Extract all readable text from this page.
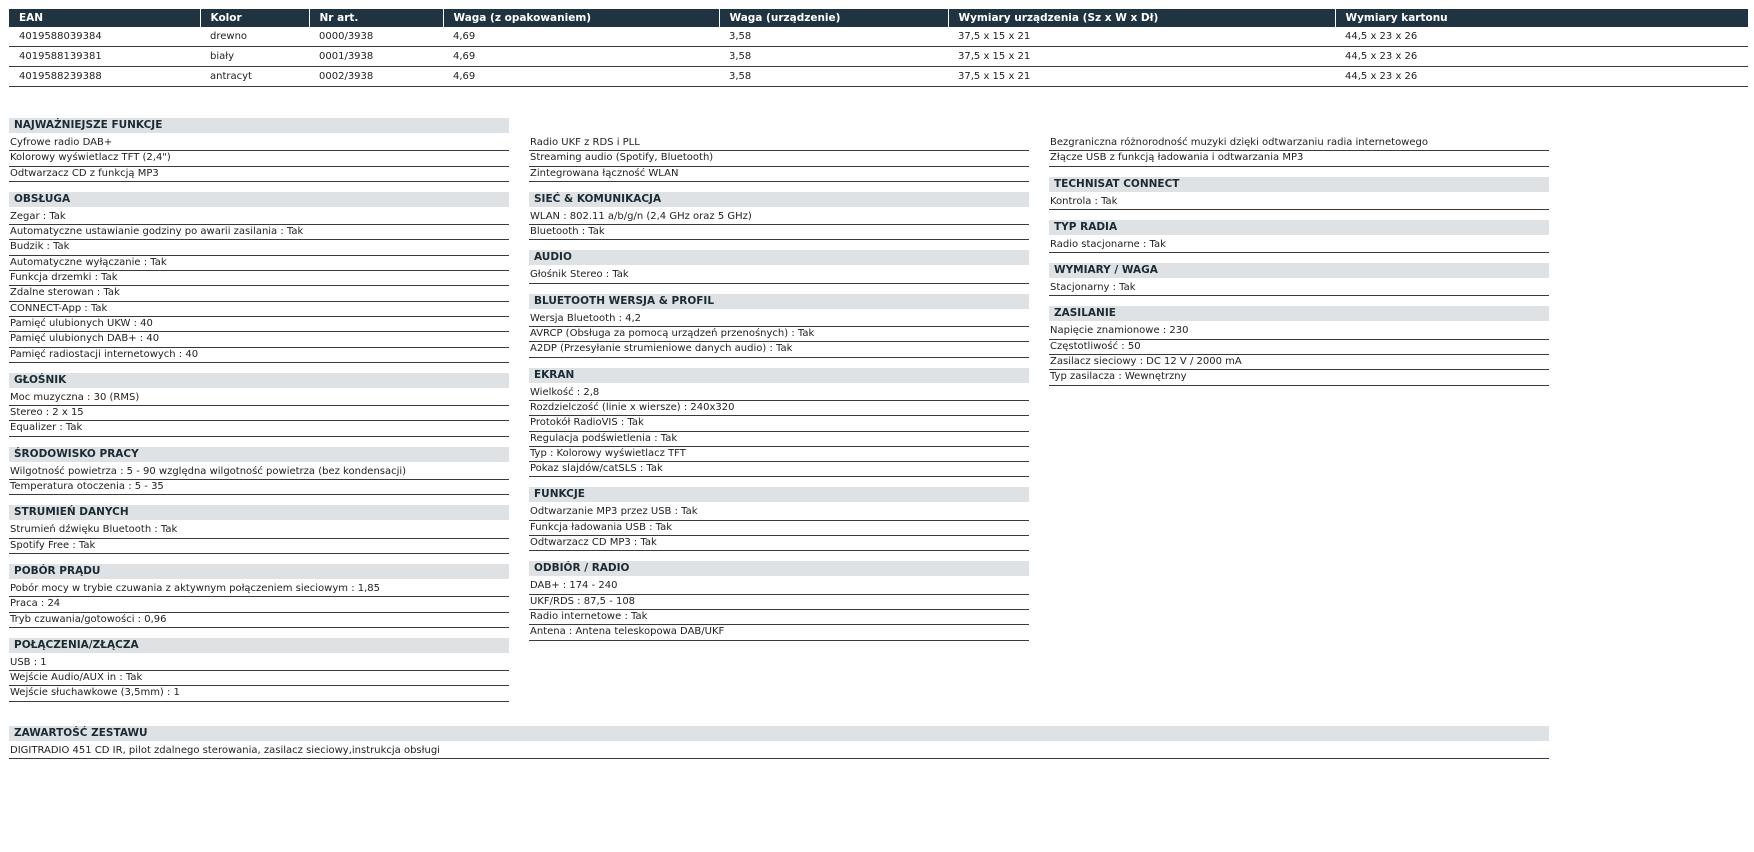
EAN	Kolor	Nr art.	Waga (z opakowaniem)	Waga (urządzenie)	Wymiary urządzenia (Sz x W x Dł)	Wymiary kartonu
4019588039384	drewno	0000/3938	4,69	3,58	37,5 x 15 x 21	44,5 x 23 x 26
4019588139381	biały	0001/3938	4,69	3,58	37,5 x 15 x 21	44,5 x 23 x 26
4019588239388	antracyt	0002/3938	4,69	3,58	37,5 x 15 x 21	44,5 x 23 x 26
NAJWAŻNIEJSZE FUNKCJE
Cyfrowe radio DAB+
Kolorowy wyświetlacz TFT (2,4")
Odtwarzacz CD z funkcją MP3
OBSŁUGA
Zegar : Tak
Automatyczne ustawianie godziny po awarii zasilania : Tak
Budzik : Tak
Automatyczne wyłączanie : Tak
Funkcja drzemki : Tak
Zdalne sterowan : Tak
CONNECT-App : Tak
Pamięć ulubionych UKW : 40
Pamięć ulubionych DAB+ : 40
Pamięć radiostacji internetowych : 40
GŁOŚNIK
Moc muzyczna : 30 (RMS)
Stereo : 2 x 15
Equalizer : Tak
ŚRODOWISKO PRACY
Wilgotność powietrza : 5 - 90 względna wilgotność powietrza (bez kondensacji)
Temperatura otoczenia : 5 - 35
STRUMIEŃ DANYCH
Strumień dźwięku Bluetooth : Tak
Spotify Free : Tak
POBÓR PRĄDU
Pobór mocy w trybie czuwania z aktywnym połączeniem sieciowym : 1,85
Praca : 24
Tryb czuwania/gotowości : 0,96
POŁĄCZENIA/ZŁĄCZA
USB : 1
Wejście Audio/AUX in : Tak
Wejście słuchawkowe (3,5mm) : 1
Radio UKF z RDS i PLL
Streaming audio (Spotify, Bluetooth)
Zintegrowana łączność WLAN
SIEĆ & KOMUNIKACJA
WLAN : 802.11 a/b/g/n (2,4 GHz oraz 5 GHz)
Bluetooth : Tak
AUDIO
Głośnik Stereo : Tak
BLUETOOTH WERSJA & PROFIL
Wersja Bluetooth : 4,2
AVRCP (Obsługa za pomocą urządzeń przenośnych) : Tak
A2DP (Przesyłanie strumieniowe danych audio) : Tak
EKRAN
Wielkość : 2,8
Rozdzielczość (linie x wiersze) : 240x320
Protokół RadioVIS : Tak
Regulacja podświetlenia : Tak
Typ : Kolorowy wyświetlacz TFT
Pokaz slajdów/catSLS : Tak
FUNKCJE
Odtwarzanie MP3 przez USB : Tak
Funkcja ładowania USB : Tak
Odtwarzacz CD MP3 : Tak
ODBIÓR / RADIO
DAB+ : 174 - 240
UKF/RDS : 87,5 - 108
Radio internetowe : Tak
Antena : Antena teleskopowa DAB/UKF
Bezgraniczna różnorodność muzyki dzięki odtwarzaniu radia internetowego
Złącze USB z funkcją ładowania i odtwarzania MP3
TECHNISAT CONNECT
Kontrola : Tak
TYP RADIA
Radio stacjonarne : Tak
WYMIARY / WAGA
Stacjonarny : Tak
ZASILANIE
Napięcie znamionowe : 230
Częstotliwość : 50
Zasilacz sieciowy : DC 12 V / 2000 mA
Typ zasilacza : Wewnętrzny
ZAWARTOŚĆ ZESTAWU
DIGITRADIO 451 CD IR, pilot zdalnego sterowania, zasilacz sieciowy,instrukcja obsługi
